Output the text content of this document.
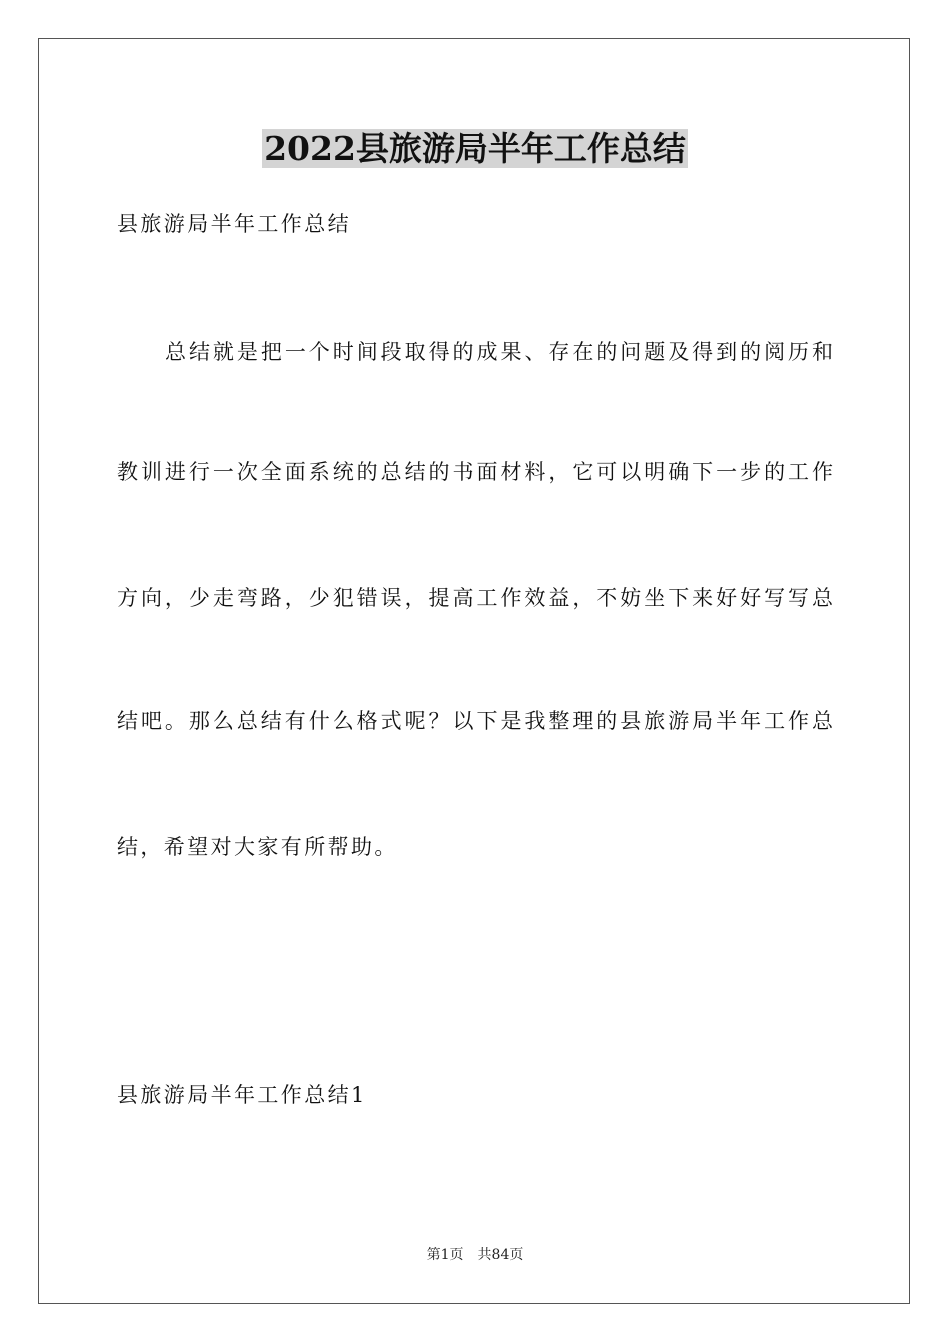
2022县旅游局半年工作总结
县旅游局半年工作总结
总结就是把一个时间段取得的成果、存在的问题及得到的阅历和
教训进行一次全面系统的总结的书面材料，它可以明确下一步的工作
方向，少走弯路，少犯错误，提高工作效益，不妨坐下来好好写写总
结吧。那么总结有什么格式呢？以下是我整理的县旅游局半年工作总
结，希望对大家有所帮助。
县旅游局半年工作总结1
第1页 共84页
